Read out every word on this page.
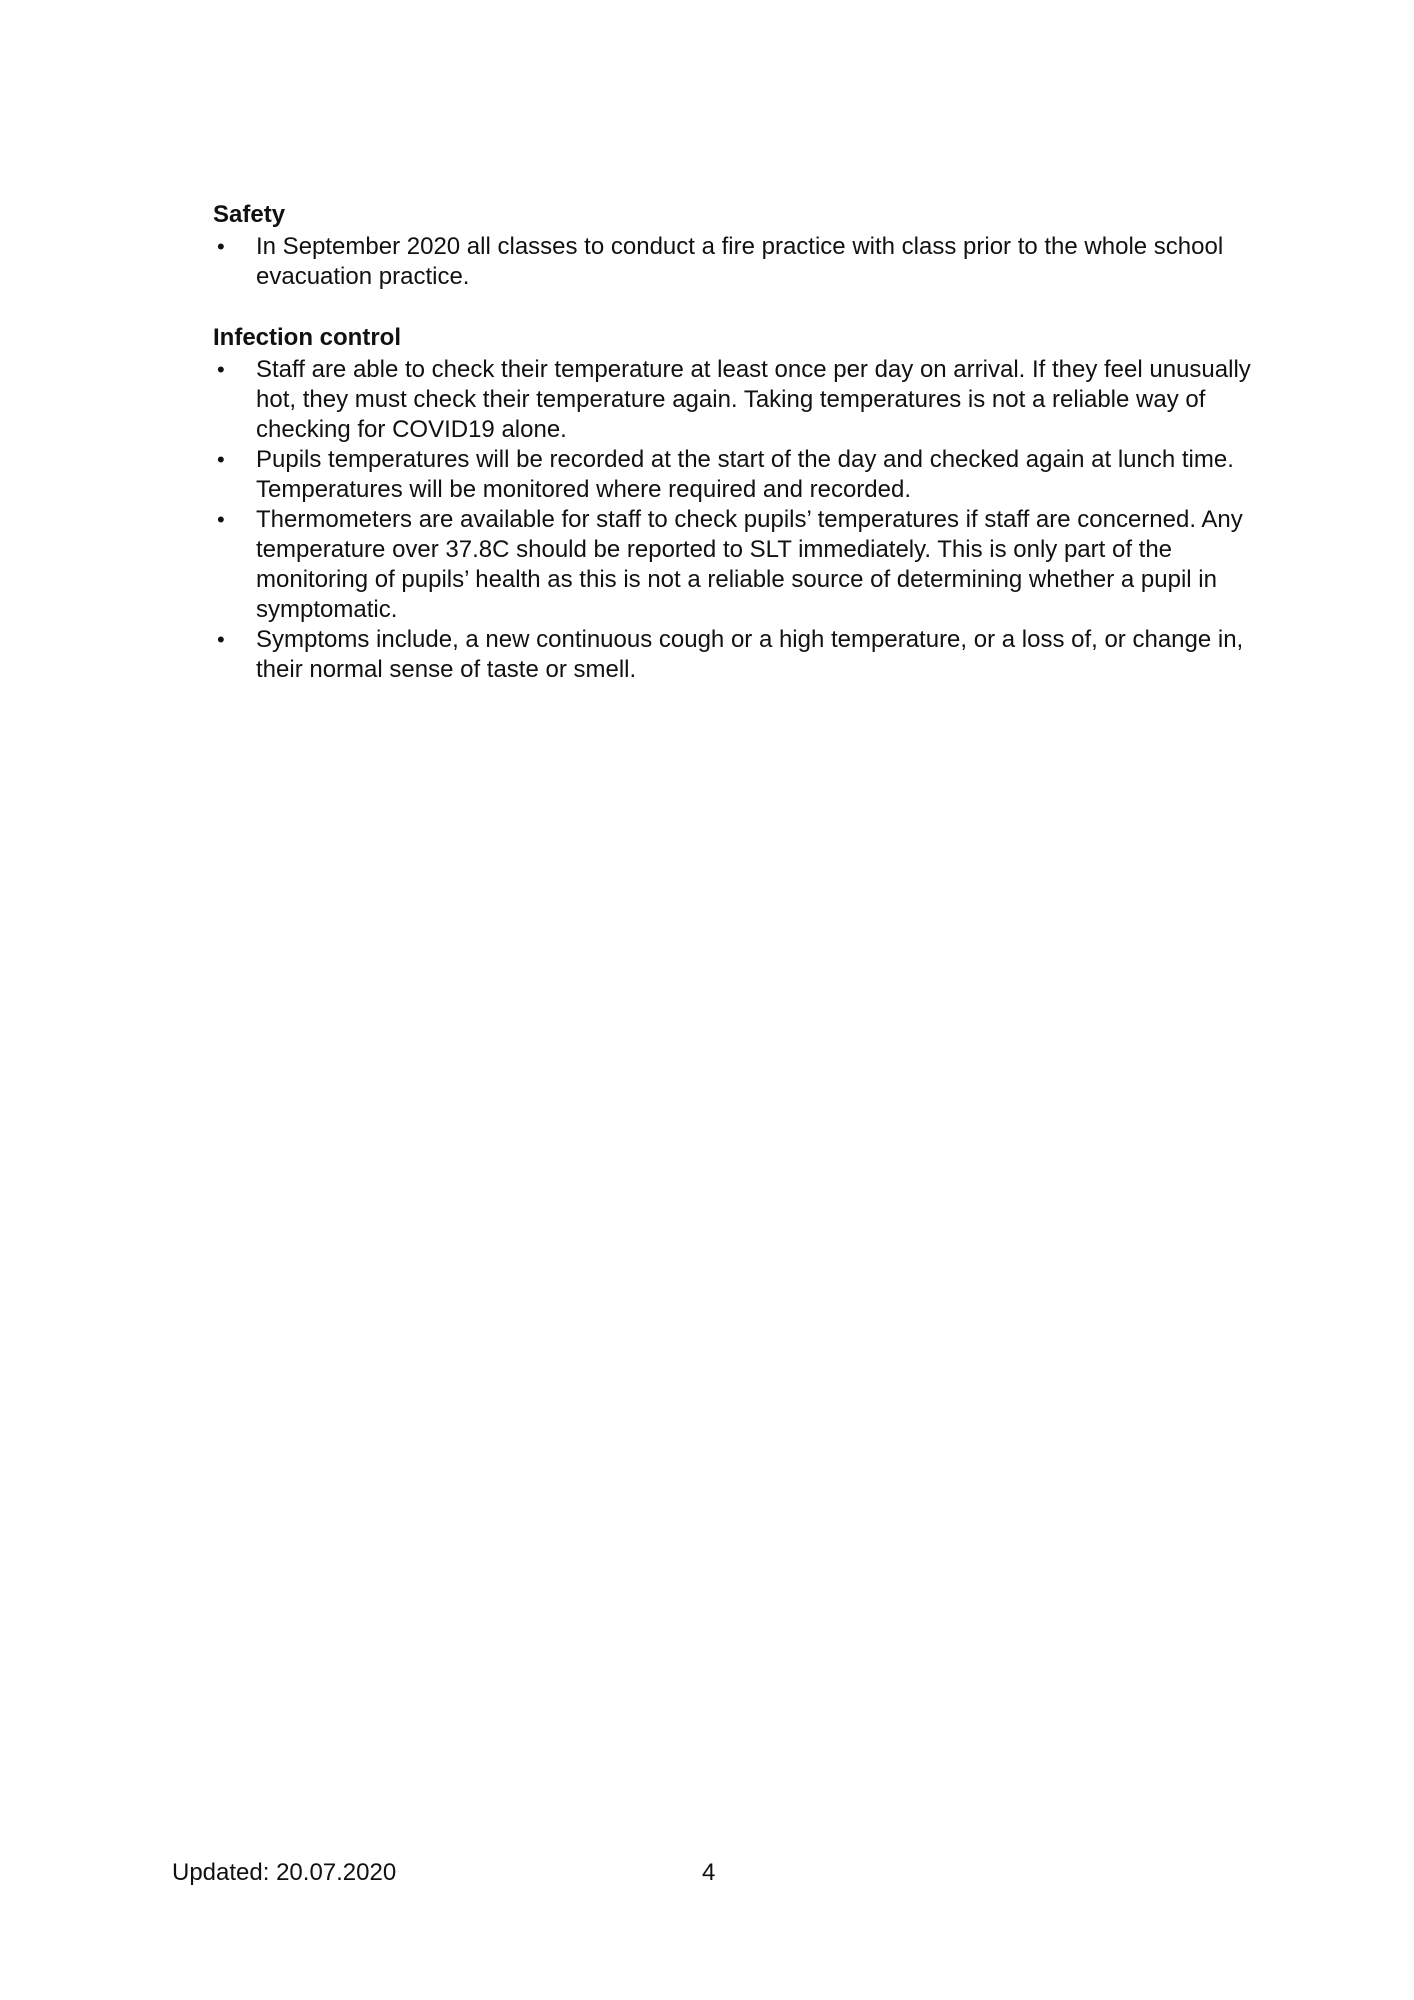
Safety
•	In September 2020 all classes to conduct a fire practice with class prior to the whole school evacuation practice.
Infection control
•	Staff are able to check their temperature at least once per day on arrival. If they feel unusually hot, they must check their temperature again. Taking temperatures is not a reliable way of checking for COVID19 alone.
•	Pupils temperatures will be recorded at the start of the day and checked again at lunch time. Temperatures will be monitored where required and recorded.
•	Thermometers are available for staff to check pupils’ temperatures if staff are concerned. Any temperature over 37.8C should be reported to SLT immediately. This is only part of the monitoring of pupils’ health as this is not a reliable source of determining whether a pupil in symptomatic.
•	Symptoms include, a new continuous cough or a high temperature, or a loss of, or change in, their normal sense of taste or smell.
Updated: 20.07.2020	4
